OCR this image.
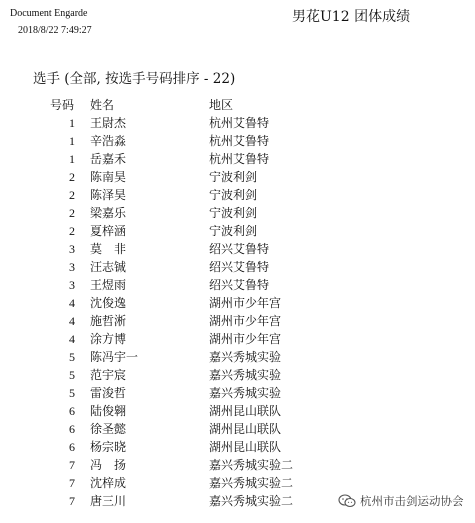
Document Engarde
2018/8/22 7:49:27
男花U12 团体成绩
选手 (全部, 按选手号码排序 - 22)
号码 姓名	地区
1 王尉杰	杭州艾鲁特
1 辛浩淼	杭州艾鲁特
1 岳嘉禾	杭州艾鲁特
2 陈南昊	宁波利剑
2 陈泽昊	宁波利剑
2 梁嘉乐	宁波利剑
2 夏梓涵	宁波利剑
3 莫　非	绍兴艾鲁特
3 汪志铖	绍兴艾鲁特
3 王煜雨	绍兴艾鲁特
4 沈俊逸	湖州市少年宫
4 施哲淅	湖州市少年宫
4 涂方博	湖州市少年宫
5 陈冯宇一	嘉兴秀城实验
5 范宇宸	嘉兴秀城实验
5 雷浚哲	嘉兴秀城实验
6 陆俊翱	湖州昆山联队
6 徐圣懿	湖州昆山联队
6 杨宗晓	湖州昆山联队
7 冯　扬	嘉兴秀城实验二
7 沈梓成	嘉兴秀城实验二
7 唐三川	嘉兴秀城实验二	杭州市击剑运动协会
